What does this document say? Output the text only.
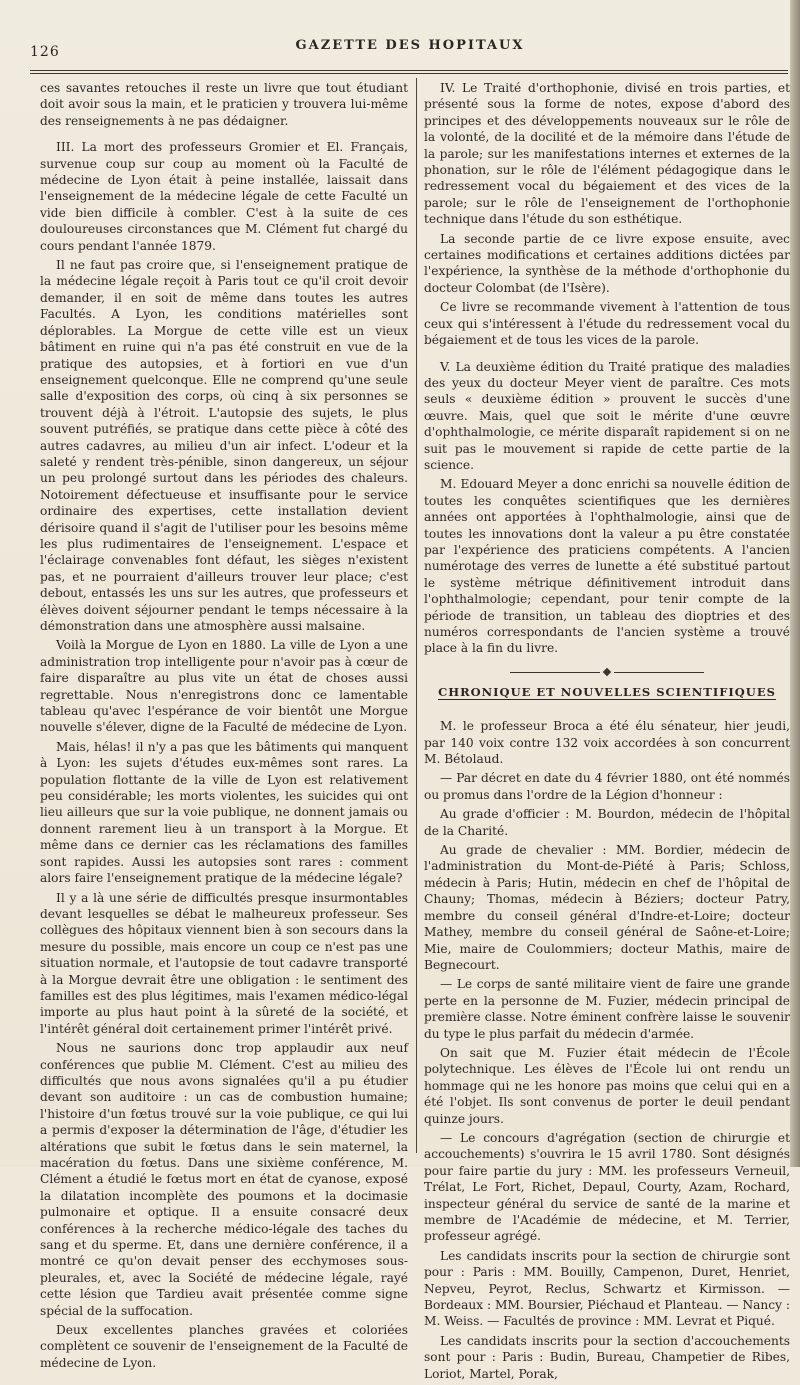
126	GAZETTE DES HOPITAUX

ces savantes retouches il reste un livre que tout étudiant doit avoir sous la main, et le praticien y trouvera lui-même des renseignements à ne pas dédaigner.

III. La mort des professeurs Gromier et El. Français, survenue coup sur coup au moment où la Faculté de médecine de Lyon était à peine installée, laissait dans l'enseignement de la médecine légale de cette Faculté un vide bien difficile à combler. C'est à la suite de ces douloureuses circonstances que M. Clément fut chargé du cours pendant l'année 1879.

Il ne faut pas croire que, si l'enseignement pratique de la médecine légale reçoit à Paris tout ce qu'il croit devoir demander, il en soit de même dans toutes les autres Facultés. A Lyon, les conditions matérielles sont déplorables. La Morgue de cette ville est un vieux bâtiment en ruine qui n'a pas été construit en vue de la pratique des autopsies, et à fortiori en vue d'un enseignement quelconque. Elle ne comprend qu'une seule salle d'exposition des corps, où cinq à six personnes se trouvent déjà à l'étroit. L'autopsie des sujets, le plus souvent putréfiés, se pratique dans cette pièce à côté des autres cadavres, au milieu d'un air infect. L'odeur et la saleté y rendent très-pénible, sinon dangereux, un séjour un peu prolongé surtout dans les périodes des chaleurs. Notoirement défectueuse et insuffisante pour le service ordinaire des expertises, cette installation devient dérisoire quand il s'agit de l'utiliser pour les besoins même les plus rudimentaires de l'enseignement. L'espace et l'éclairage convenables font défaut, les sièges n'existent pas, et ne pourraient d'ailleurs trouver leur place; c'est debout, entassés les uns sur les autres, que professeurs et élèves doivent séjourner pendant le temps nécessaire à la démonstration dans une atmosphère aussi malsaine.

Voilà la Morgue de Lyon en 1880. La ville de Lyon a une administration trop intelligente pour n'avoir pas à cœur de faire disparaître au plus vite un état de choses aussi regrettable. Nous n'enregistrons donc ce lamentable tableau qu'avec l'espérance de voir bientôt une Morgue nouvelle s'élever, digne de la Faculté de médecine de Lyon.

Mais, hélas! il n'y a pas que les bâtiments qui manquent à Lyon: les sujets d'études eux-mêmes sont rares. La population flottante de la ville de Lyon est relativement peu considérable; les morts violentes, les suicides qui ont lieu ailleurs que sur la voie publique, ne donnent jamais ou donnent rarement lieu à un transport à la Morgue. Et même dans ce dernier cas les réclamations des familles sont rapides. Aussi les autopsies sont rares : comment alors faire l'enseignement pratique de la médecine légale?

Il y a là une série de difficultés presque insurmontables devant lesquelles se débat le malheureux professeur. Ses collègues des hôpitaux viennent bien à son secours dans la mesure du possible, mais encore un coup ce n'est pas une situation normale, et l'autopsie de tout cadavre transporté à la Morgue devrait être une obligation : le sentiment des familles est des plus légitimes, mais l'examen médico-légal importe au plus haut point à la sûreté de la société, et l'intérêt général doit certainement primer l'intérêt privé.

Nous ne saurions donc trop applaudir aux neuf conférences que publie M. Clément. C'est au milieu des difficultés que nous avons signalées qu'il a pu étudier devant son auditoire : un cas de combustion humaine; l'histoire d'un fœtus trouvé sur la voie publique, ce qui lui a permis d'exposer la détermination de l'âge, d'étudier les altérations que subit le fœtus dans le sein maternel, la macération du fœtus. Dans une sixième conférence, M. Clément a étudié le fœtus mort en état de cyanose, exposé la dilatation incomplète des poumons et la docimasie pulmonaire et optique. Il a ensuite consacré deux conférences à la recherche médico-légale des taches du sang et du sperme. Et, dans une dernière conférence, il a montré ce qu'on devait penser des ecchymoses sous-pleurales, et, avec la Société de médecine légale, rayé cette lésion que Tardieu avait présentée comme signe spécial de la suffocation.

Deux excellentes planches gravées et coloriées complètent ce souvenir de l'enseignement de la Faculté de médecine de Lyon.

IV. Le Traité d'orthophonie, divisé en trois parties, et présenté sous la forme de notes, expose d'abord des principes et des développements nouveaux sur le rôle de la volonté, de la docilité et de la mémoire dans l'étude de la parole; sur les manifestations internes et externes de la phonation, sur le rôle de l'élément pédagogique dans le redressement vocal du bégaiement et des vices de la parole; sur le rôle de l'enseignement de l'orthophonie technique dans l'étude du son esthétique.

La seconde partie de ce livre expose ensuite, avec certaines modifications et certaines additions dictées par l'expérience, la synthèse de la méthode d'orthophonie du docteur Colombat (de l'Isère).

Ce livre se recommande vivement à l'attention de tous ceux qui s'intéressent à l'étude du redressement vocal du bégaiement et de tous les vices de la parole.

V. La deuxième édition du Traité pratique des maladies des yeux du docteur Meyer vient de paraître. Ces mots seuls « deuxième édition » prouvent le succès d'une œuvre. Mais, quel que soit le mérite d'une œuvre d'ophthalmologie, ce mérite disparaît rapidement si on ne suit pas le mouvement si rapide de cette partie de la science.

M. Edouard Meyer a donc enrichi sa nouvelle édition de toutes les conquêtes scientifiques que les dernières années ont apportées à l'ophthalmologie, ainsi que de toutes les innovations dont la valeur a pu être constatée par l'expérience des praticiens compétents. A l'ancien numérotage des verres de lunette a été substitué partout le système métrique définitivement introduit dans l'ophthalmologie; cependant, pour tenir compte de la période de transition, un tableau des dioptries et des numéros correspondants de l'ancien système a trouvé place à la fin du livre.

CHRONIQUE ET NOUVELLES SCIENTIFIQUES

M. le professeur Broca a été élu sénateur, hier jeudi, par 140 voix contre 132 voix accordées à son concurrent M. Bétolaud.

— Par décret en date du 4 février 1880, ont été nommés ou promus dans l'ordre de la Légion d'honneur :

Au grade d'officier : M. Bourdon, médecin de l'hôpital de la Charité.

Au grade de chevalier : MM. Bordier, médecin de l'administration du Mont-de-Piété à Paris; Schloss, médecin à Paris; Hutin, médecin en chef de l'hôpital de Chauny; Thomas, médecin à Béziers; docteur Patry, membre du conseil général d'Indre-et-Loire; docteur Mathey, membre du conseil général de Saône-et-Loire; Mie, maire de Coulommiers; docteur Mathis, maire de Begnecourt.

— Le corps de santé militaire vient de faire une grande perte en la personne de M. Fuzier, médecin principal de première classe. Notre éminent confrère laisse le souvenir du type le plus parfait du médecin d'armée.

On sait que M. Fuzier était médecin de l'École polytechnique. Les élèves de l'École lui ont rendu un hommage qui ne les honore pas moins que celui qui en a été l'objet. Ils sont convenus de porter le deuil pendant quinze jours.

— Le concours d'agrégation (section de chirurgie et accouchements) s'ouvrira le 15 avril 1780. Sont désignés pour faire partie du jury : MM. les professeurs Verneuil, Trélat, Le Fort, Richet, Depaul, Courty, Azam, Rochard, inspecteur général du service de santé de la marine et membre de l'Académie de médecine, et M. Terrier, professeur agrégé.

Les candidats inscrits pour la section de chirurgie sont pour : Paris : MM. Bouilly, Campenon, Duret, Henriet, Nepveu, Peyrot, Reclus, Schwartz et Kirmisson. — Bordeaux : MM. Boursier, Piéchaud et Planteau. — Nancy : M. Weiss. — Facultés de province : MM. Levrat et Piqué.

Les candidats inscrits pour la section d'accouchements sont pour : Paris : Budin, Bureau, Champetier de Ribes, Loriot, Martel, Porak,
